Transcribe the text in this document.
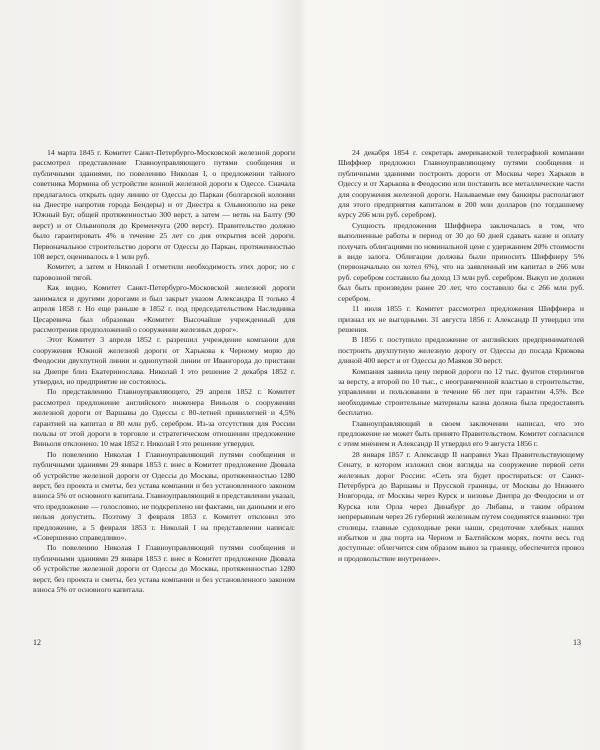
14 марта 1845 г. Комитет Санкт-Петербурго-Московской железной дороги рассмотрел представление Главноуправляющего путями сообщения и публичными зданиями, по повелению Николая I, о предложении тайного советника Мормина об устройстве конной железной дороги к Одессе. Сначала предлагалось открыть одну линию от Одессы до Паркан (болгарской колонии на Днестре напротив города Бендеры) и от Днестра к Ольвиополю на реке Южный Буг, общей протяженностью 300 верст, а затем — ветвь на Балту (90 верст) и от Ольвиополя до Кременчуга (200 верст). Правительство должно было гарантировать 4% в течение 25 лет со дня открытия всей дороги. Первоначальное строительство дороги от Одессы до Паркан, протяженностью 108 верст, оценивалось в 1 млн руб.

Комитет, а затем и Николай I отметили необходимость этих дорог, но с паровозной тягой.

Как видно, Комитет Санкт-Петербурго-Московской железной дороги занимался и другими дорогами и был закрыт указом Александра II только 4 апреля 1858 г. Но еще раньше в 1852 г. под председательством Наследника Цесаревича был образован «Комитет Высочайше учрежденный для рассмотрения предположений о сооружении железных дорог».

Этот Комитет 3 апреля 1852 г. разрешил учреждение компании для сооружения Южной железной дороги от Харькова к Черному морю до Феодосии двухпутной линии и однопутной линии от Ивангорода до пристани на Днепре близ Екатеринослава. Николай I это решение 2 декабря 1852 г. утвердил, но предприятие не состоялось.

По представлению Главноуправляющего, 29 апреля 1852 г. Комитет рассмотрел предложение английского инженера Виньоля о сооружении железной дороги от Варшавы до Одессы с 80-летней привилегией и 4,5% гарантией на капитал в 80 млн руб. серебром. Из-за отсутствия для России пользы от этой дороги в торговле и стратегическом отношении предложение Виньоля отклонено. 10 мая 1852 г. Николай I это решение утвердил.

По повелению Николая I Главноуправляющий путями сообщения и публичными зданиями 29 января 1853 г. внес в Комитет предложение Дювала об устройстве железной дороги от Одессы до Москвы, протяженностью 1280 верст, без проекта и сметы, без устава компании и без установленного законом взноса 5% от основного капитала. Главноуправляющий в представлении указал, что предложение — голословно, не подкреплено ни фактами, ни данными и его нельзя допустить. Поэтому 3 февраля 1853 г. Комитет отклонил это предложение, а 5 февраля 1853 г. Николай I на представлении написал: «Совершенно справедливо».

По повелению Николая I Главноуправляющий путями сообщения и публичными зданиями 29 января 1853 г. внес в Комитет предложение Дювала об устройстве железной дороги от Одессы до Москвы, протяженностью 1280 верст, без проекта и сметы, без устава компании и без установленного законом взноса 5% от основного капитала.

12

24 декабря 1854 г. секретарь американской телеграфной компании Шиффнер предложил Главноуправляющему путями сообщения и публичными зданиями построить дороги от Москвы через Харьков в Одессу и от Харькова в Феодосию или поставить все металлические части для сооружения железной дороги. Называемые ему банкиры располагают для этого предприятия капиталом в 200 млн долларов (по тогдашнему курсу 266 млн руб. серебром).

Сущность предложения Шиффнера заключалась в том, что выполненные работы в период от 30 до 60 дней сдавать казне и оплату получать облигациями по номинальной цене с удержанием 20% стоимости в виде залога. Облигации должны были приносить Шиффнеру 5% (первоначально он хотел 6%), что на заявленный им капитал в 266 млн руб. серебром составило бы доход 13 млн руб. серебром. Выкуп не должен был быть произведен ранее 20 лет, что составило бы с 266 млн руб. серебром.

11 июля 1855 г. Комитет рассмотрел предложения Шиффнера и признал их не выгодными. 31 августа 1856 г. Александр II утвердил эти решения.

В 1856 г. поступило предложение от английских предпринимателей построить двухпутную железную дорогу от Одессы до посада Крюкова длиной 400 верст и от Одессы до Маяков 30 верст.

Компания заявила цену первой дороги по 12 тыс. фунтов стерлингов за версту, а второй по 10 тыс., с неограниченной властью в строительстве, управлении и пользовании в течение 66 лет при гарантии 4,5%. Все необходимые строительные материалы казна должна была предоставить бесплатно.

Главноуправляющий в своем заключении написал, что это предложение не может быть принято Правительством. Комитет согласился с этим мнением и Александр II утвердил его 9 августа 1856 г.

28 января 1857 г. Александр II направил Указ Правительствующему Сенату, в котором изложил свои взгляды на сооружение первой сети железных дорог России: «Сеть эта будет простираться: от Санкт-Петербурга до Варшавы и Прусской границы, от Москвы до Нижнего Новгорода, от Москвы через Курск и низовье Днепра до Феодосии и от Курска или Орла через Динабург до Либавы, и таким образом непрерывным через 26 губерний железным путем соединятся взаимно: три столицы, главные судоходные реки наши, средоточие хлебных наших избытков и два порта на Черном и Балтийском морях, почти весь год доступные: облегчится сим образом вывоз за границу, обеспечится провоз и продовольствие внутреннее».

13
